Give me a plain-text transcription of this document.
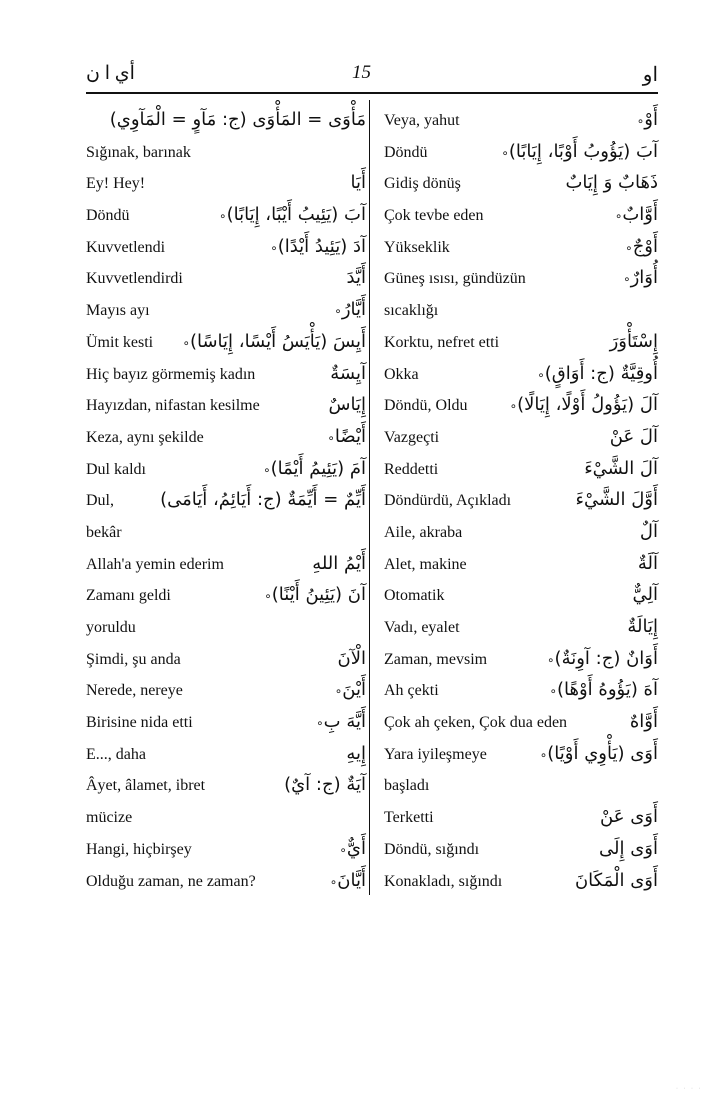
أي ا ن	15	او
مَأْوَى = المَأْوَى (ج: مَآوٍ = الْمَآوِي)
Sığınak, barınak
Ey! Hey!	أَيَا
Döndü	آبَ (يَئِيبُ أَيْبًا، إِيَابًا)∘
Kuvvetlendi	آدَ (يَئِيدُ أَيْدًا)∘
Kuvvetlendirdi	أَيَّدَ
Mayıs ayı	أَيَّارُ∘
Ümit kesti	أَيِسَ (يَأْيَسُ أَيْسًا، إِيَاسًا)∘
Hiç bayız görmemiş kadın	آيِسَةٌ
Hayızdan, nifastan kesilme	إِيَاسٌ
Keza, aynı şekilde	أَيْضًا∘
Dul kaldı	آمَ (يَئِيمُ أَيْمًا)∘
Dul,	أَيِّمٌ = أَيِّمَةٌ (ج: أَيَائِمُ، أَيَامَى)
bekâr
Allah'a yemin ederim	أَيْمُ اللهِ
Zamanı geldi	آنَ (يَئِينُ أَيْنًا)∘
yoruldu
Şimdi, şu anda	الْآنَ
Nerede, nereye	أَيْنَ∘
Birisine nida etti	أَيَّهَ بِ∘
E..., daha	إِيهِ
Âyet, âlamet, ibret	آيَةٌ (ج: آيٌ)
mücize
Hangi, hiçbirşey	أَيٌّ∘
Olduğu zaman, ne zaman?	أَيَّانَ∘
Veya, yahut	أَوْ∘
Döndü	آبَ (يَؤُوبُ أَوْبًا، إِيَابًا)∘
Gidiş dönüş	ذَهَابٌ وَ إِيَابٌ
Çok tevbe eden	أَوَّابٌ∘
Yükseklik	أَوْجٌ∘
Güneş ısısı, gündüzün	أُوَارٌ∘
sıcaklığı
Korktu, nefret etti	إِسْتَأْوَرَ
Okka	أُوقِيَّةٌ (ج: أَوَاقٍ)∘
Döndü, Oldu	آلَ (يَؤُولُ أَوْلًا، إِيَالًا)∘
Vazgeçti	آلَ عَنْ
Reddetti	آلَ الشَّيْءَ
Döndürdü, Açıkladı	أَوَّلَ الشَّيْءَ
Aile, akraba	آلٌ
Alet, makine	آلَةٌ
Otomatik	آلِيٌّ
Vadı, eyalet	إِيَالَةٌ
Zaman, mevsim	أَوَانٌ (ج: آوِنَةٌ)∘
Ah çekti	آهَ (يَؤُوهُ أَوْهًا)∘
Çok ah çeken, Çok dua eden	أَوَّاهٌ
Yara iyileşmeye	أَوَى (يَأْوِي أَوْيًا)∘
başladı
Terketti	أَوَى عَنْ
Döndü, sığındı	أَوَى إِلَى
Konakladı, sığındı	أَوَى الْمَكَانَ
· · · ·
